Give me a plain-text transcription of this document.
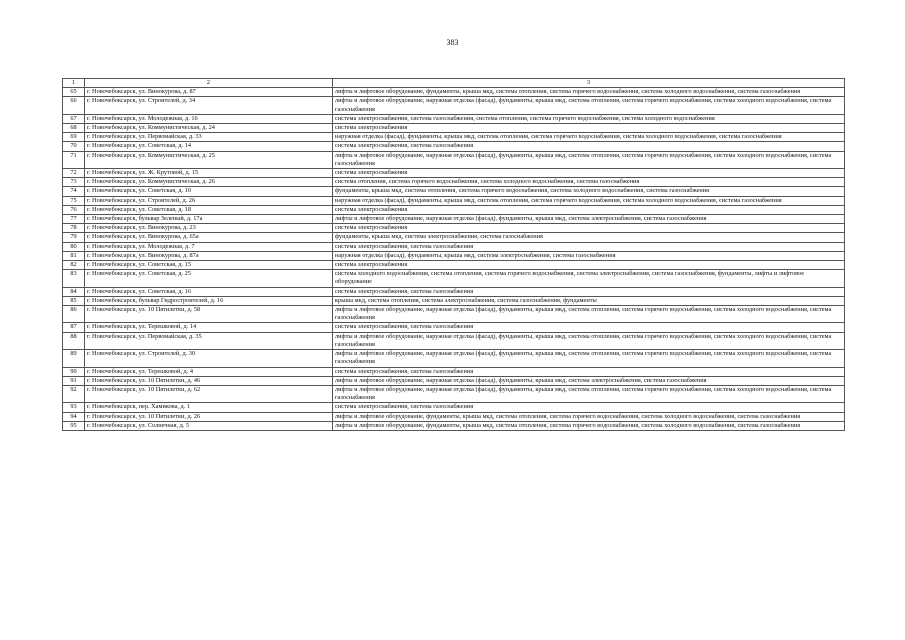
383
1	2	3
65	г. Новочебоксарск, ул. Винокурова, д. 87	лифты и лифтовое оборудование, фундаменты, крыша мкд, система отопления, система горячего водоснабжения, система холодного водоснабжения, система газоснабжения
66	г. Новочебоксарск, ул. Строителей, д. 34	лифты и лифтовое оборудование, наружная отделка (фасад), фундаменты, крыша мкд, система отопления, система горячего водоснабжения, система холодного водоснабжения, система газоснабжения
67	г. Новочебоксарск, ул. Молодежная, д. 16	система электроснабжения, система газоснабжения, система отопления, система горячего водоснабжения, система холодного водоснабжения
68	г. Новочебоксарск, ул. Коммунистическая, д. 24	система электроснабжения
69	г. Новочебоксарск, ул. Первомайская, д. 33	наружная отделка (фасад), фундаменты, крыша мкд, система отопления, система горячего водоснабжения, система холодного водоснабжения, система газоснабжения
70	г. Новочебоксарск, ул. Советская, д. 14	система электроснабжения, система газоснабжения
71	г. Новочебоксарск, ул. Коммунистическая, д. 25	лифты и лифтовое оборудование, наружная отделка (фасад), фундаменты, крыша мкд, система отопления, система горячего водоснабжения, система холодного водоснабжения, система газоснабжения
72	г. Новочебоксарск, ул. Ж. Крутовой, д. 15	система электроснабжения
73	г. Новочебоксарск, ул. Коммунистическая, д. 26	система отопления, система горячего водоснабжения, система холодного водоснабжения, система газоснабжения
74	г. Новочебоксарск, ул. Советская, д. 10	фундаменты, крыша мкд, система отопления, система горячего водоснабжения, система холодного водоснабжения, система газоснабжения
75	г. Новочебоксарск, ул. Строителей, д. 26	наружная отделка (фасад), фундаменты, крыша мкд, система отопления, система горячего водоснабжения, система холодного водоснабжения, система газоснабжения
76	г. Новочебоксарск, ул. Советская, д. 18	система электроснабжения
77	г. Новочебоксарск, бульвар Зеленый, д. 17а	лифты и лифтовое оборудование, наружная отделка (фасад), фундаменты, крыша мкд, система электроснабжения, система газоснабжения
78	г. Новочебоксарск, ул. Винокурова, д. 23	система электроснабжения
79	г. Новочебоксарск, ул. Винокурова, д. 65а	фундаменты, крыша мкд, система электроснабжения, система газоснабжения
80	г. Новочебоксарск, ул. Молодежная, д. 7	система электроснабжения, система газоснабжения
81	г. Новочебоксарск, ул. Винокурова, д. 87а	наружная отделка (фасад), фундаменты, крыша мкд, система электроснабжения, система газоснабжения
82	г. Новочебоксарск, ул. Советская, д. 15	система электроснабжения
83	г. Новочебоксарск, ул. Советская, д. 25	система холодного водоснабжения, система отопления, система горячего водоснабжения, система электроснабжения, система газоснабжения, фундаменты, лифты и лифтовое оборудование
84	г. Новочебоксарск, ул. Советская, д. 16	система электроснабжения, система газоснабжения
85	г. Новочебоксарск, бульвар Гидростроителей, д. 16	крыша мкд, система отопления, система электроснабжения, система газоснабжения, фундаменты
86	г. Новочебоксарск, ул. 10 Пятилетки, д. 58	лифты и лифтовое оборудование, наружная отделка (фасад), фундаменты, крыша мкд, система отопления, система горячего водоснабжения, система холодного водоснабжения, система газоснабжения
87	г. Новочебоксарск, ул. Терешковой, д. 14	система электроснабжения, система газоснабжения
88	г. Новочебоксарск, ул. Первомайская, д. 35	лифты и лифтовое оборудование, наружная отделка (фасад), фундаменты, крыша мкд, система отопления, система горячего водоснабжения, система холодного водоснабжения, система газоснабжения
89	г. Новочебоксарск, ул. Строителей, д. 30	лифты и лифтовое оборудование, наружная отделка (фасад), фундаменты, крыша мкд, система отопления, система горячего водоснабжения, система холодного водоснабжения, система газоснабжения
90	г. Новочебоксарск, ул. Терешковой, д. 4	система электроснабжения, система газоснабжения
91	г. Новочебоксарск, ул. 10 Пятилетки, д. 46	лифты и лифтовое оборудование, наружная отделка (фасад), фундаменты, крыша мкд, система электроснабжения, система газоснабжения
92	г. Новочебоксарск, ул. 10 Пятилетки, д. 62	лифты и лифтовое оборудование, наружная отделка (фасад), фундаменты, крыша мкд, система отопления, система горячего водоснабжения, система холодного водоснабжения, система газоснабжения
93	г. Новочебоксарск, пер. Хамикова, д. 1	система электроснабжения, система газоснабжения
94	г. Новочебоксарск, ул. 10 Пятилетки, д. 26	лифты и лифтовое оборудование, фундаменты, крыша мкд, система отопления, система горячего водоснабжения, система холодного водоснабжения, система газоснабжения
95	г. Новочебоксарск, ул. Солнечная, д. 5	лифты и лифтовое оборудование, фундаменты, крыша мкд, система отопления, система горячего водоснабжения, система холодного водоснабжения, система газоснабжения
